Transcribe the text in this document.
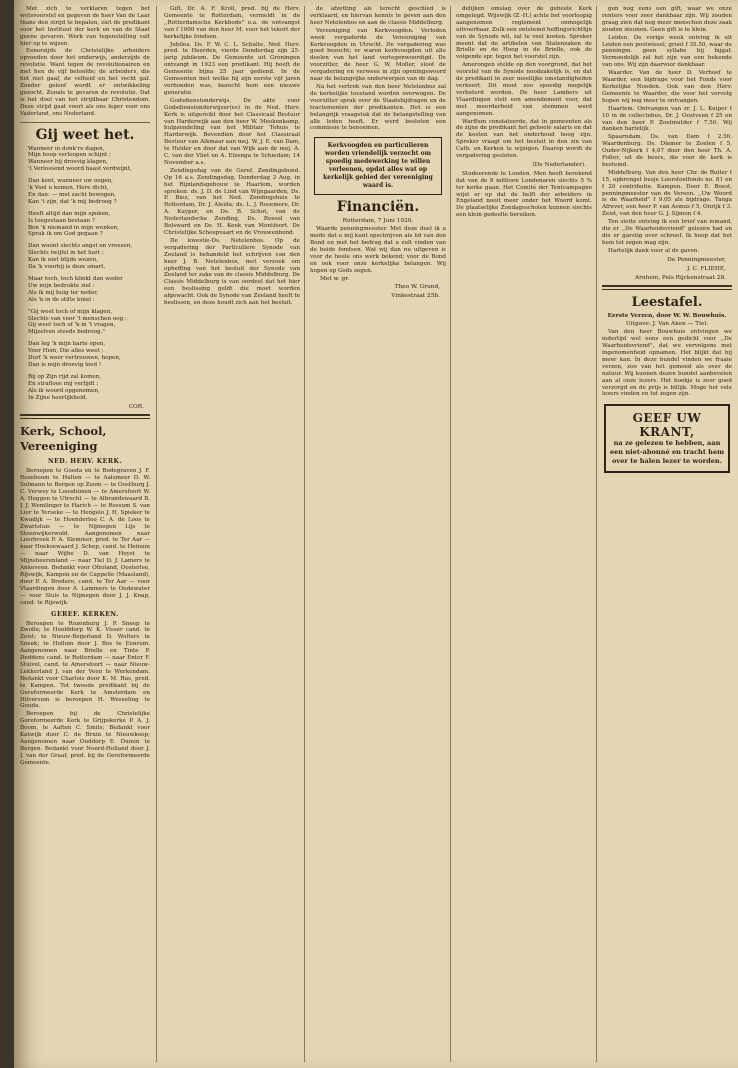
Met zich te verklaren tegen het wetsvoorstel en gegeven de heer Van de Laar thans den strijd te bepalen, ziet de predikant voor het Instituut der kerk en van de Staat geene gevaren. Werk van tegenstelling valt hier op te wijzen.

Eenerzijds de Christelijke arbeiders opvoeden door het onderwijs, anderzijds de revolutie. Want tegen de revolutionairen en met hen de vijf beloofde; de arbeiders, die het niet gaaf, de velheid en het recht gaf. Zonder geloof wordt er ontwikkeling gezocht. Zooals te gevaren de revolutie. Dat is het doel van het strijdbaar Christendom. Deze strijd gaat voort als ons leger voor ons Vaderland, ons Nederland.

Gij weet het.
Wanneer in donk're dagen,
Mijn hoop verloopen schijnt ;
Wanneer bij droevig klagen,
't Verlossend woord haast verdwijnt,
Dan kent, wanneer uw oogen,
'k Voel u komen, Here dicht,
En dan: — met zacht bewogen,
Kan 't zijn, dat 'k mij bedroog ?
Heeft altijd dan mijn spoken,
Is toegestaan bestaan ?
Ben 'k niemand in mijn wenken,
Sprak ik om God gegaan ?
Dan woont slechts angst en vreezen,
Slechts twijfel in het hart ;
Kan ik niet blijde wezen,
Da 'k voorbij is deze smart.
Maar toch, toch klinkt dan weder
Uw mijn bedrukte ziel :
Als ik mij buig ter neder,
Als 'k in de stilte kniel :
"Gij weet toch of mijn klagen,
Slechts van voor 't menschen oog ;
Gij weet toch of 'k in 't vragen,
Mijzelven steeds bedroog."
Dan leg 'k mijn harte open,
Voor Hem, Die alles weet ;
Durf 'k weer vertrouwen, hopen,
Dan is mijn droevig leed !
Bij op Zijn rijd zal komen,
En strafloos mij verlijdt ;
Als ik woord opgenomen,
In Zijne heerlijkheid.
COR.
Kerk, School, Vereeniging
NED. HERV. KERK.

Beroepen te Goeda en te Bodegraven J. F. Rozeboom te Hulten — te Aalsmeer D. W. Sulmann te Bergen op Zoom — te Oostburg J. C. Verwey te Loosduinen — te Amersfoort W. A. Heggen te Utrecht — te Albrandswaard B. J. J. Wemlinger te Harich — te Rossum S. van Lier te Yerseke — te Hengelo J. H. Spieker te Kwadijk — te Hoenderloo C. A. de Loos te Zwartsluis — te Nijmegen Lijs te Steenwijkerwold. Aangenomen naar Leerbroek P. A. Slemmer, pred. te Ter Aar — naar Hoeksewaard J. Schep, cand. te Heinum — naar Wijhe D. van Heyst te Mijnsheerenland — naar Tiel D. J. Lamers te Ankeveen. Bedankt voor Ottoland, Oosterlee, Rijswijk, Kampen en de Cappelle (Maasland), door P. A. Bredero, cand. te Ter Aar — voor Vlaardingen door A. Lammers te Oudewater — voor Sluis te Nijmegen door J. J. Knap, cand. te Rijswijk.

GEREF. KERKEN.

Beroepen te Rozenburg J. P. Sneep te Zwolle; te Hoofddorp W. K. Visser cand. te Zeist; te Nieuw-Beijerland D. Wolters te Sneek; te Hollum door J. Bos te Eenrum. Aangenomen naar Brielle en Tinte P. Deddens cand. te Rotterdam — naar Enter F. Stuivel, cand. te Amersfoort — naar Nieuw-Lekkerland J. van der Veen te Werkendam. Bedankt voor Charlois door K. M. Rus, pred. te Kampen. Tot tweede predikant bij de Gereformeerde Kerk te Amsterdam en Hilversum is beroepen H. Wesseling te Gouda.

Beroepen bij de Christelijke Gereformeerde Kerk te Grijpskerke P. A. J. Boom, te Aalten C. Smits; Bedankt voor Katwijk door C. de Bruin te Nieuwkoop; Aangenomen naar Ouddorp E. Dumin te Bergen. Bedankt voor Noord-Holland door J. J. van der Graaf, pred. bij de Gereformeerde Gemeente.

Gift. Dr. A. F. Kroll, pred. bij de Herv. Gemeente te Rotterdam, vermeldt in de ,,Rotterdamsche Kerkbode" o.a. de ontvangst van f 1000 van den heer M. voor het tekort der kerkelijke fondsen.

Jubilea. Ds. F. W. C. L. Schulte, Ned. Herv. pred. te Heerden, vierde Donderdag zijn 25-jarig jubileum. De Gemeente uit Groningen ontvangt in 1923 een predikant. Hij heeft de Gemeente bijna 25 jaar gediend. In de Gemeenten met welke hij zijn eerste vijf jaren verbonden was, bezocht hem een nieuwe generatie.

Godsdienstonderwijs. De akte voor Godsdienstonderwijzer(es) in de Ned. Herv. Kerk is uitgereikt door het Classicaal Bestuur van Harderwijk aan den heer W. Meekenkamp, hulpzendeling van het Militair Tehuis te Harderwijk. Bovendien door het Classicaal Bestuur van Alkmaar aan mej. W. J. E. van Dam, te Helder en door dat van Wijk aan de mej. A. C. van der Vliet en A. Elzenga te Schiedam; 14 November a.s.

Zendingsdag van de Geref. Zendingsbond. Op 16 a.s. Zendingsdag, Donderdag 3 Aug. in het Rijnlandsgebouw te Haarlem, worden spreken: ds. J. D. de Lind van Wijngaarden, Ds. P. Biez, van het Ned. Zendingshuis te Rotterdam, Dr. J. Aleida; ds. L. J. Rosemere, Dr. A. Kuyper, en Ds. B. Schut, van de Nederlandsche Zending, Ds. Rossol van Bolsward en Ds. H. Keek van Montfoort. De Christelijke Scheepvaart en de Vrouwenbond.

De kwestie-Ds. Netelenbos. Op de vergadering der Particuliere Synode van Zeeland is behandeld het schrijven van den heer J. B. Netelenbos, met verzoek om opheffing van het besluit der Synode van Zeeland ter zake van de classis Middelburg. De Classis Middelburg is van oordeel dat het hier een beslissing geldt die moet worden afgewacht. Ook de Synode van Zeeland heeft te beslissen, en deze houdt zich aan het besluit.

de afzetting als terecht geschied is verklaard, en hiervan kennis te geven aan den heer Netelenbos en aan de classis Middelburg.

Vereeniging van Kerkvoogden. Verleden week vergaderde de Vereeniging van Kerkvoogden in Utrecht. De vergadering was goed bezocht; er waren kerkvoogden uit alle deelen van het land vertegenwoordigd. De voorzitter, de heer G. W. Moller, sloot de vergadering en verwees in zijn openingswoord naar de belangrijke onderwerpen van de dag.

Na het vertrek van den heer Netelenbos zal de kerkelijke toestand worden overwogen. De voorzitter sprak over de Staatsbijdragen en de tractementen der predikanten. Het is een belangrijk vraagstuk dat de belangstelling van alle leden heeft. Er werd besloten een commissie te benoemen.

Kerkvoogden en particulieren worden vriendelijk verzocht om spoedig medewerking te willen verleenen, opdat alles wat op kerkelijk gebied der vereeniging waard is.
Financiën.
Rotterdam, 7 Juni 1920.

Waarde penningmeester. Met deze deel ik u mede dat u mij kunt opschrijven als lid van den Bond en met het bedrag dat u zult vinden van de beide fondsen. Wat wij dan nu uitgeven is voor de heele ons werk bekend; voor de Bond en ook voor onze kerkelijke belangen. Wij hopen op Gods zegen.

Met w. gr.
Theo W. Grund,
Vinkestraat 25b.

delijken omslag over de geheele Kerk omgelegd. Wijswijk (Z.-H.) achte het voorloopig aangenomen reglement onmogelijk uitvoerbaar. Zulk een ontstemd heffingsrichtlijn van de Synode wil, zal te veel kosten. Spreker meent dat de artikelen van Statenzaken de Brielle en de Hoog in de Brielle, ook de volgende spr. tegen het voorstel zijn.

Amerongen stelde op den voorgrond, dat het voorstel van de Synode noodzakelijk is, en dat de predikant in zeer moeilijke omstandigheden verkeert. Dit moet zoo spoedig mogelijk verbeterd worden. De heer Lambers uit Vlaardingen stelt een amendement voor, dat met meerderheid van stemmen werd aangenomen.

Warffum constateerde, dat in gemeenten als de zijne de predikant het geheele salaris en dat de kosten van het onderhoud hoog zijn. Spreker vraagt om het besluit in den zin van Cath. en Kerken te wijzigen. Daarop wordt de vergadering gesloten.

(De Nederlander).

Studeerende te Londen. Men heeft berekend dat van de 8 millioen Londenaren slechts 5 % ter kerke gaan. Het Comité der Tentcampagne wijst er op dat de helft der arbeiders in Engeland nooit meer onder het Woord komt. De plaatselijke Zondagsscholen kunnen slechts een klein gedeelte bereiken.

gen nog eens een gift, waar we onze renters voor zeer dankbaar zijn. Wij zouden graag zien dat nog meer menschen deze zaak zouden steunen. Geen gift is te klein.

Leiden. De vorige week ontving ik uit Leiden een postwissel, groot f 35.50, waar de penningm. geen syllabe bij bijgaf. Vermoedelijk zal het zijn van een bekende van ons. Wij zijn daarvoor dankbaar.

Waarder. Van de heer D. Verhoef te Waarder, een bijdrage voor het Fonds voor Kerkelijke Nooden. Ook van den Herv. Gemeente te Waarder, die voor het vervolg hopen wij nog meer te ontvangen.

Haarlem. Ontvangen van zr. J. L. Kuiper f 10 in de collectebus, Dr. J. Oostveen f 25 en van den heer P. Zoetmulder f 7.50. Wij danken hartelijk.

Spaarndam. Ds. van Dam f 2.50. Waardenburg. Ds. Diemer te Zoelen f 5, Ouder-Nijkerk f 4,07 door den heer Th. A. Folter, uit de beurs, die voor de kerk is bestemd.

Middelburg. Van den heer Chr. de Ruiter f 15, opbrengst busje Leerstoelfonds no. 81 en f 20 contributie. Kampen. Door E. Boest, penningmeester van de Vereen. ,,Uw Woord is de Waarheid" f 9.05 als bijdrage. Tanga Afrever, een heer P. van Asmus f 5, Onrijk f 3. Zeist, van den heer G. J. Sijmon f 4.

Ten slotte ontving ik een brief van iemand, die er ,,De Waarheidsvriend" gelezen had en die er garstig over schreef. Ik hoop dat het hem tot zegen mag zijn.

Hartelijk dank voor al de gaven.

De Penningmeester,
J. C. FLIEHE,
Arnhem, Pels Rijckenstraat 28.
Leestafel.
Eerste Verzen, door W. W. Bouwhuis.
Uitgave: J. Van Aken — Tiel.

Van den heer Bouwhuis ontvingen we indertijd wel eens een gedicht voor ,,De Waarheidsvriend", dat we vervolgens met ingenomenheid opnamen. Het blijkt dat hij meer kan. In deze bundel vinden we fraaie verzen, zoo van het gemoed als over de natuur. Wij kunnen dezen bundel aanbevelen aan al onze lezers. Het boekje is zeer goed verzorgd en de prijs is billijk. Moge het vele lezers vinden en tot zegen zijn.

GEEF UW KRANT,
na ze gelezen te hebben, aan
een niet-abonné en tracht hem
over te halen lezer te worden.
